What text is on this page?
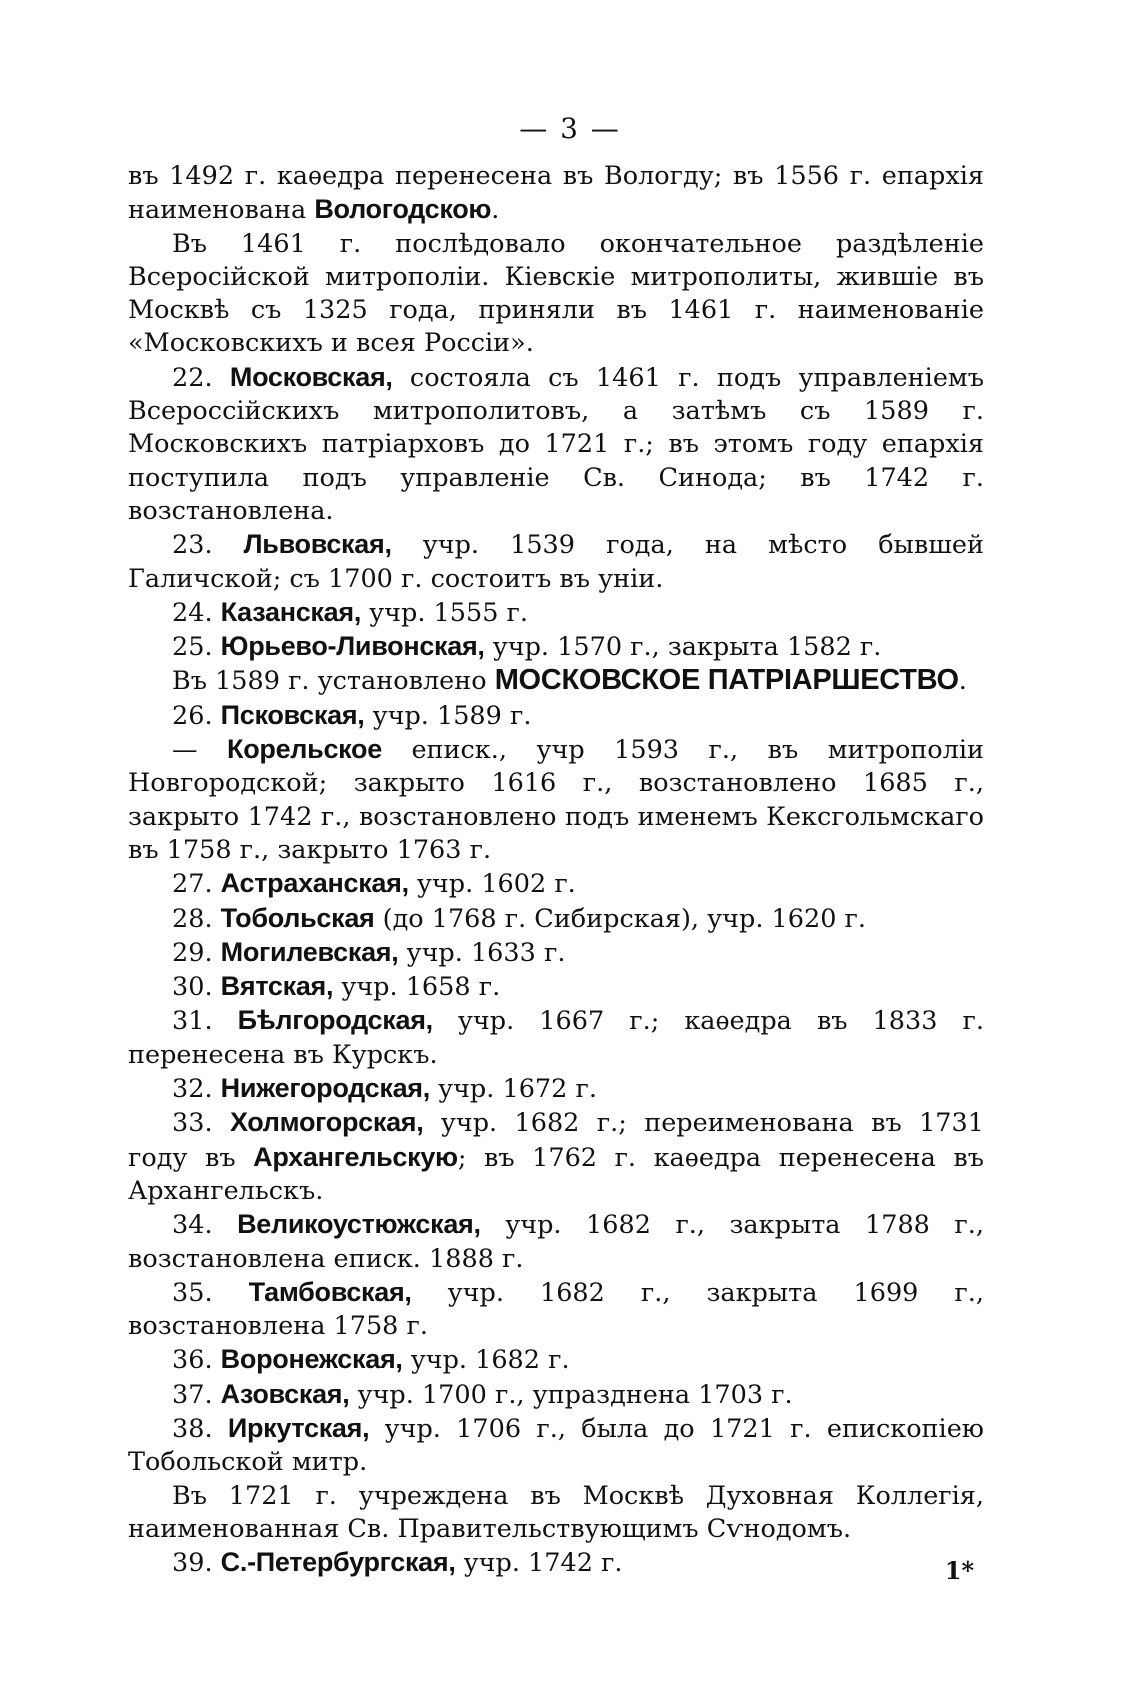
— 3 —

въ 1492 г. каѳедра перенесена въ Вологду; въ 1556 г. епархія наименована Вологодскою.

Въ 1461 г. послѣдовало окончательное раздѣленіе Всеросійской митрополіи. Кіевскіе митрополиты, жившіе въ Москвѣ съ 1325 года, приняли въ 1461 г. наименованіе «Московскихъ и всея Россіи».

22. Московская, состояла съ 1461 г. подъ управленіемъ Всероссійскихъ митрополитовъ, а затѣмъ съ 1589 г. Московскихъ патріарховъ до 1721 г.; въ этомъ году епархія поступила подъ управленіе Св. Синода; въ 1742 г. возстановлена.

23. Львовская, учр. 1539 года, на мѣсто бывшей Галичской; съ 1700 г. состоитъ въ уніи.

24. Казанская, учр. 1555 г.

25. Юрьево-Ливонская, учр. 1570 г., закрыта 1582 г.

Въ 1589 г. установлено МОСКОВСКОЕ ПАТРІАРШЕСТВО.

26. Псковская, учр. 1589 г.

— Корельское еписк., учр 1593 г., въ митрополіи Новгородской; закрыто 1616 г., возстановлено 1685 г., закрыто 1742 г., возстановлено подъ именемъ Кексгольмскаго въ 1758 г., закрыто 1763 г.

27. Астраханская, учр. 1602 г.

28. Тобольская (до 1768 г. Сибирская), учр. 1620 г.

29. Могилевская, учр. 1633 г.

30. Вятская, учр. 1658 г.

31. Бѣлгородская, учр. 1667 г.; каѳедра въ 1833 г. перенесена въ Курскъ.

32. Нижегородская, учр. 1672 г.

33. Холмогорская, учр. 1682 г.; переименована въ 1731 году въ Архангельскую; въ 1762 г. каѳедра перенесена въ Архангельскъ.

34. Великоустюжская, учр. 1682 г., закрыта 1788 г., возстановлена еписк. 1888 г.

35. Тамбовская, учр. 1682 г., закрыта 1699 г., возстановлена 1758 г.

36. Воронежская, учр. 1682 г.

37. Азовская, учр. 1700 г., упразднена 1703 г.

38. Иркутская, учр. 1706 г., была до 1721 г. епископіею Тобольской митр.

Въ 1721 г. учреждена въ Москвѣ Духовная Коллегія, наименованная Св. Правительствующимъ Сѵнодомъ.

39. С.-Петербургская, учр. 1742 г.	1*
